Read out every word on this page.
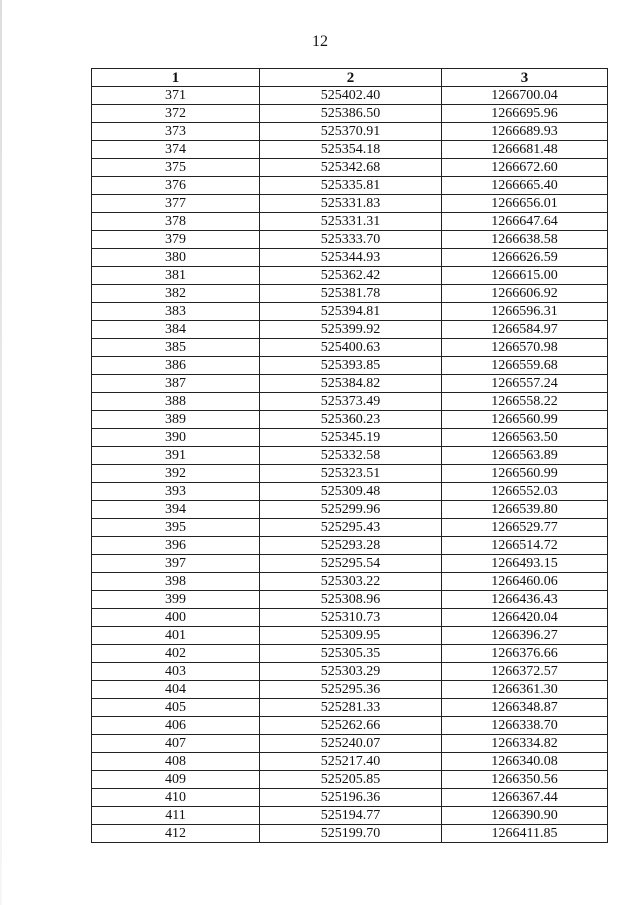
12
1	2	3
371	525402.40	1266700.04
372	525386.50	1266695.96
373	525370.91	1266689.93
374	525354.18	1266681.48
375	525342.68	1266672.60
376	525335.81	1266665.40
377	525331.83	1266656.01
378	525331.31	1266647.64
379	525333.70	1266638.58
380	525344.93	1266626.59
381	525362.42	1266615.00
382	525381.78	1266606.92
383	525394.81	1266596.31
384	525399.92	1266584.97
385	525400.63	1266570.98
386	525393.85	1266559.68
387	525384.82	1266557.24
388	525373.49	1266558.22
389	525360.23	1266560.99
390	525345.19	1266563.50
391	525332.58	1266563.89
392	525323.51	1266560.99
393	525309.48	1266552.03
394	525299.96	1266539.80
395	525295.43	1266529.77
396	525293.28	1266514.72
397	525295.54	1266493.15
398	525303.22	1266460.06
399	525308.96	1266436.43
400	525310.73	1266420.04
401	525309.95	1266396.27
402	525305.35	1266376.66
403	525303.29	1266372.57
404	525295.36	1266361.30
405	525281.33	1266348.87
406	525262.66	1266338.70
407	525240.07	1266334.82
408	525217.40	1266340.08
409	525205.85	1266350.56
410	525196.36	1266367.44
411	525194.77	1266390.90
412	525199.70	1266411.85
